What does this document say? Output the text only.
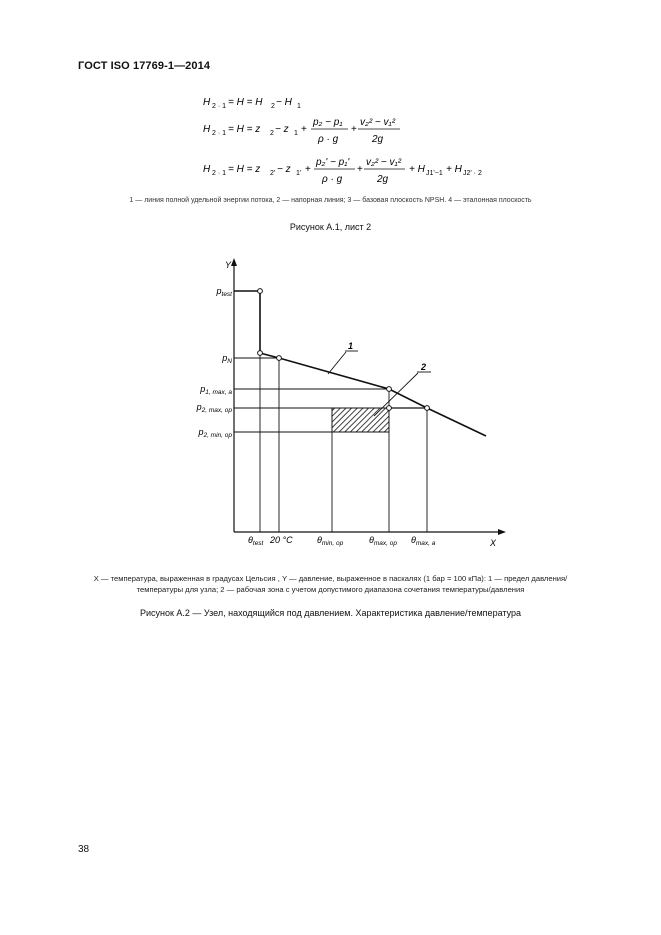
ГОСТ ISO 17769-1—2014
H 2 · 1 = H = H 2 − H 1
H 2 · 1 = H = z 2 − z 1 +
p₂ − p₁
ρ · g
+
v₂² − v₁²
2g
H 2 · 1 = H = z 2' − z 1' +
p₂' − p₁'
ρ · g
+
v₂² − v₁²
2g
+ H J1'−1 + H J2' · 2
1 — линия полной удельной энергии потока, 2 — напорная линия; 3 — базовая плоскость NPSH. 4 — эталонная плоскость
Рисунок А.1, лист 2
Y
X
$p_{test}$
$p_N$
$p_{1, max, a}$
$p_{2, max, op}$
$p_{2, min, op}$
$\theta_{test}$ 20 °C	$\theta_{min, op}$	$\theta_{max, op}$ $\theta_{max, a}$
1
2
X — температура, выраженная в градусах Цельсия , Y — давление, выраженное в паскалях (1 бар = 100 кПа): 1 — предел давления/температуры для узла; 2 — рабочая зона с учетом допустимого диапазона сочетания температуры/давления
Рисунок А.2 — Узел, находящийся под давлением. Характеристика давление/температура
38
